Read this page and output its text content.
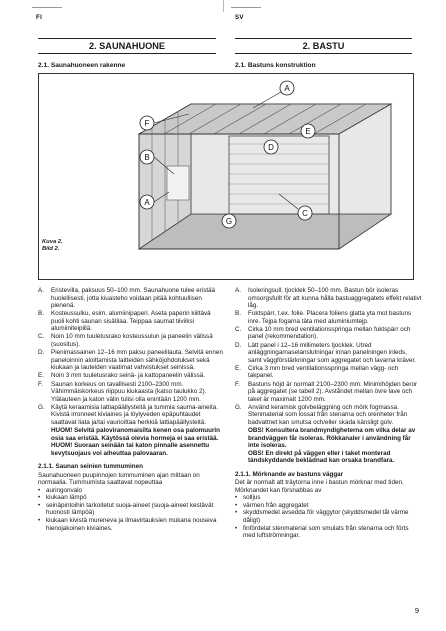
FI	SV
2. SAUNAHUONE	2. BASTU
2.1. Saunahuoneen rakenne	2.1. Bastuns konstruktion
A
F
B
A
D
E
C
G
Kuva 2.
Bild 2.
A. Eristevilla, paksuus 50–100 mm. Saunahuone tulee eristää huolellisesti, jotta kiuasteho voidaan pitää kohtuullisen pienenä.
B. Kosteussulku, esim. alumiinipaperi. Aseta paperin kiiltävä puoli kohti saunan sisätilaa. Teippaa saumat tiiviiksi alumiiniteipillä.
C. Noin 10 mm tuuletusrako kosteussulun ja paneelin välissä (suositus).
D. Pienimassainen 12–16 mm paksu paneelilauta. Selvitä ennen paneloinnin aloittamista laitteiden sähköjohdotukset sekä kiukaan ja lauteiden vaatimat vahvistukset seinissä.
E. Noin 3 mm tuuletusrako seinä- ja kattopaneelin välissä.
F. Saunan korkeus on tavallisesti 2100–2300 mm. Vähimmäiskorkeus riippuu kiukaasta (katso taulukko 2). Ylälauteen ja katon välin tulisi olla enintään 1200 mm.
G. Käytä keraamisia lattiapäällysteitä ja tummia sauma-aineita. Kivistä irronneet kiviaines ja löylyveden epäpuhtaudet saattavat liata ja/tai vaurioittaa herkkiä lattiapäällysteitä.
HUOM! Selvitä paloviranomaisilta kenen osa palomuurin osia saa eristää. Käytössä olevia hormeja ei saa eristää.
HUOM! Suoraan seinään tai katon pinnalle asennettu kevytsuojaus voi aiheuttaa palovaaran.
2.1.1. Saunan seinien tummuminen
Saunahuoneen puupinnojen tummuminen ajan mittaan on normaalia. Tummumista saattavat nopeuttaa
• auringonvalo
• kiukaan lämpö
• seinäpintoihin tarkoitetut suoja-aineet (suoja-aineet kestävät huonosti lämpöä)
• kiukaan kivistä mureneva ja ilmavirtauksien mukana nouseva hienojakoinen kiviaines.
A. Isoleringsull, tjocklek 50–100 mm. Bastun bör isoleras omsorgsfullt för att kunna hålla bastuaggregatets effekt relativt låg.
B. Fuktspärr, t.ex. folie. Placera foliens glatta yta mot bastuns inre. Tejpa fogarna täta med aluminiumtejp.
C. Cirka 10 mm bred ventilationsspringa mellan fuktspärr och panel (rekommendation).
D. Lätt panel i 12–16 millimeters tjocklek. Utred anläggningarnaselanslutningar innan panelningen inleds, samt väggförstärkningar som aggregatet och lavarna kräver.
E. Cirka 3 mm bred ventilationsspringa mellan vägg- och takpanel.
F. Bastuns höjd är normalt 2100–2300 mm. Minimihöjden beror på aggregatet (se tabell 2). Avståndet mellan övre lave och taket är maximalt 1200 mm.
G. Använd keramisk golvbeläggning och mörk fogmassa. Stenmaterial som lossat från stenarna och orenheter från badvattnet kan smutsa och/eller skada känsligt golv.
OBS! Konsultera brandmyndigheterna om vilka delar av brandväggen får isoleras. Rökkanaler i användning får inte isoleras.
OBS! En direkt på väggen eller i taket monterad tändskyddande beklädnad kan orsaka brandfara.
2.1.1. Mörknande av bastuns väggar
Det är normalt att träytorna inne i bastun mörknar med tiden. Mörknandet kan försnabbas av
• solljus
• värmen från aggregatet
• skyddsmedel avsedda för väggytor (skyddsmedel tål värme dåligt)
• finfördelat stenmaterial som smulats från stenarna och förts med luftströmningar.
9
